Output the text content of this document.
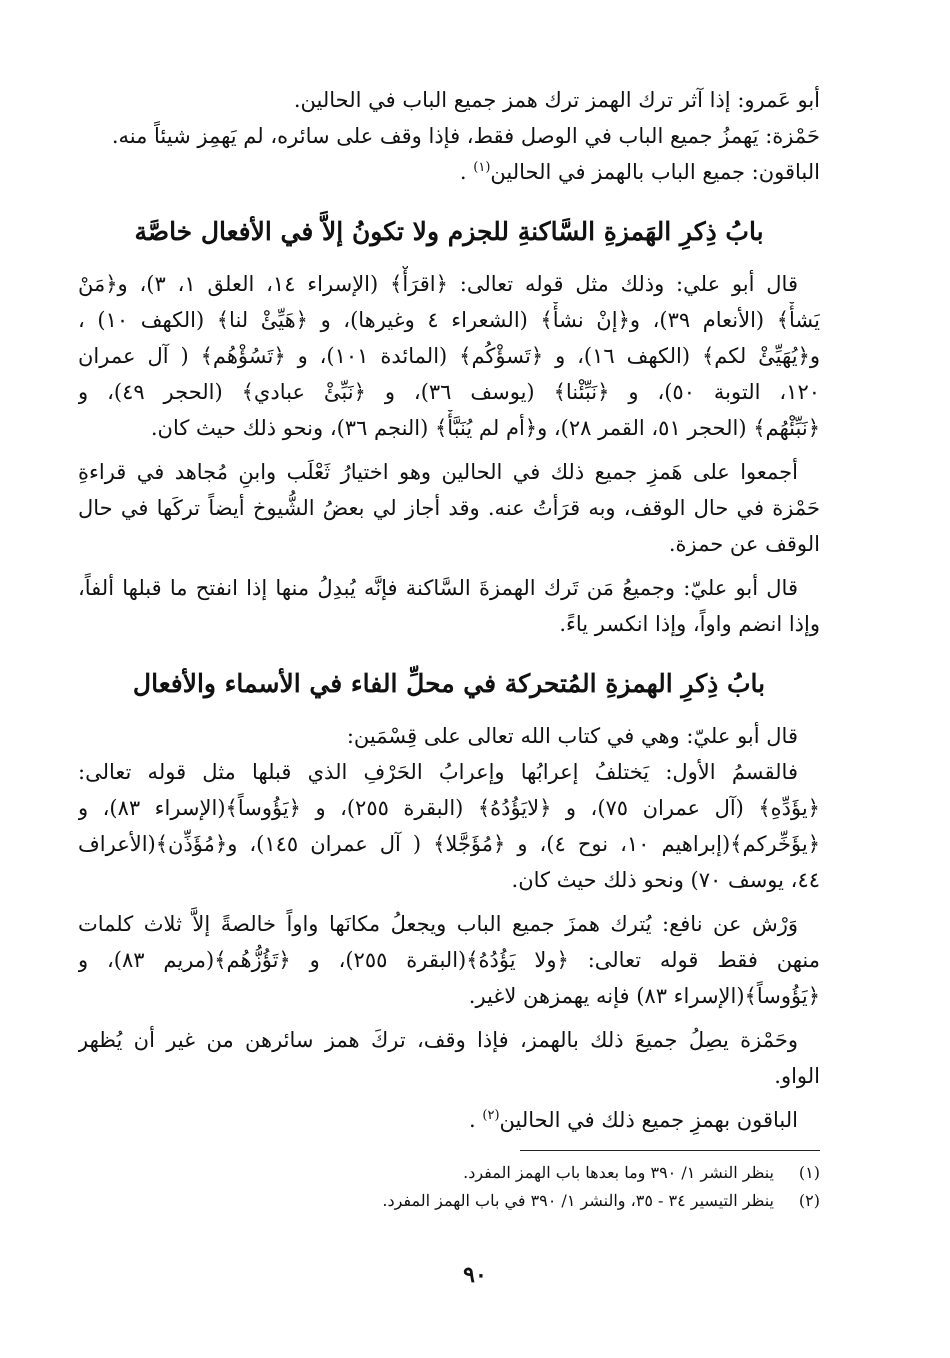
أبو عَمرو: إذا آثر ترك الهمز ترك همز جميع الباب في الحالين.
حَمْزة: يَهمزُ جميع الباب في الوصل فقط، فإذا وقف على سائره، لم يَهمِز شيئاً منه.
الباقون: جميع الباب بالهمز في الحالين$^{(١)}$ .
بابُ ذِكرِ الهَمزةِ السَّاكنةِ للجزم ولا تكونُ إلاَّ في الأفعال خاصَّة
قال أبو علي: وذلك مثل قوله تعالى: ﴿اقرَأْ﴾ (الإسراء ١٤، العلق ١، ٣)، و﴿مَنْ
يَشأْ﴾ (الأنعام ٣٩)، و﴿إنْ نشأْ﴾ (الشعراء ٤ وغيرها)، و ﴿هَيِّئْ لنا﴾ (الكهف ١٠) ،
و﴿يُهَيِّئْ لكم﴾ (الكهف ١٦)، و ﴿تَسؤْكُم﴾ (المائدة ١٠١)، و ﴿تَسُؤْهُم﴾ ( آل عمران
١٢٠، التوبة ٥٠)، و ﴿نَبِّئْنا﴾ (يوسف ٣٦)، و ﴿نَبِّئْ عبادي﴾ (الحجر ٤٩)، و
﴿نَبِّئْهُم﴾ (الحجر ٥١، القمر ٢٨)، و﴿أم لم يُنَبَّأْ﴾ (النجم ٣٦)، ونحو ذلك حيث كان.
أجمعوا على هَمزِ جميع ذلك في الحالين وهو اختيارُ ثَعْلَب وابنِ مُجاهد في قراءةِ
حَمْزة في حال الوقف، وبه قرَأتُ عنه. وقد أجاز لي بعضُ الشُّيوخ أيضاً تركَها في حال
الوقف عن حمزة.
قال أبو عليّ: وجميعُ مَن تَرك الهمزةَ السَّاكنة فإنَّه يُبدِلُ منها إذا انفتح ما قبلها ألفاً،
وإذا انضم واواً، وإذا انكسر ياءً.
بابُ ذِكرِ الهمزةِ المُتحركة في محلِّ الفاء في الأسماء والأفعال
قال أبو عليّ: وهي في كتاب الله تعالى على قِسْمَين:
فالقسمُ الأول: يَختلفُ إعرابُها وإعرابُ الحَرْفِ الذي قبلها مثل قوله تعالى:
﴿يؤَدِّهِ﴾ (آل عمران ٧٥)، و ﴿لايَؤُدُهُ﴾ (البقرة ٢٥٥)، و ﴿يَؤُوساً﴾(الإسراء ٨٣)، و
﴿يؤَخِّركم﴾(إبراهيم ١٠، نوح ٤)، و ﴿مُؤَجَّلا﴾ ( آل عمران ١٤٥)، و﴿مُؤَذِّن﴾(الأعراف
٤٤، يوسف ٧٠) ونحو ذلك حيث كان.
وَرْش عن نافع: يُترك همزَ جميع الباب ويجعلُ مكانَها واواً خالصةً إلاَّ ثلاث كلمات
منهن فقط قوله تعالى: ﴿ولا يَؤُدُهُ﴾(البقرة ٢٥٥)، و ﴿تَؤُزُّهُم﴾(مريم ٨٣)، و
﴿يَؤُوساً﴾(الإسراء ٨٣) فإنه يهمزهن لاغير.
وحَمْزة يصِلُ جميعَ ذلك بالهمز، فإذا وقف، تركَ همز سائرهن من غير أن يُظهر
الواو.
الباقون بهمزِ جميع ذلك في الحالين$^{(٢)}$ .
(١)
ينظر النشر ١/ ٣٩٠ وما بعدها باب الهمز المفرد.
(٢)
ينظر التيسير ٣٤ - ٣٥، والنشر ١/ ٣٩٠ في باب الهمز المفرد.
٩٠
